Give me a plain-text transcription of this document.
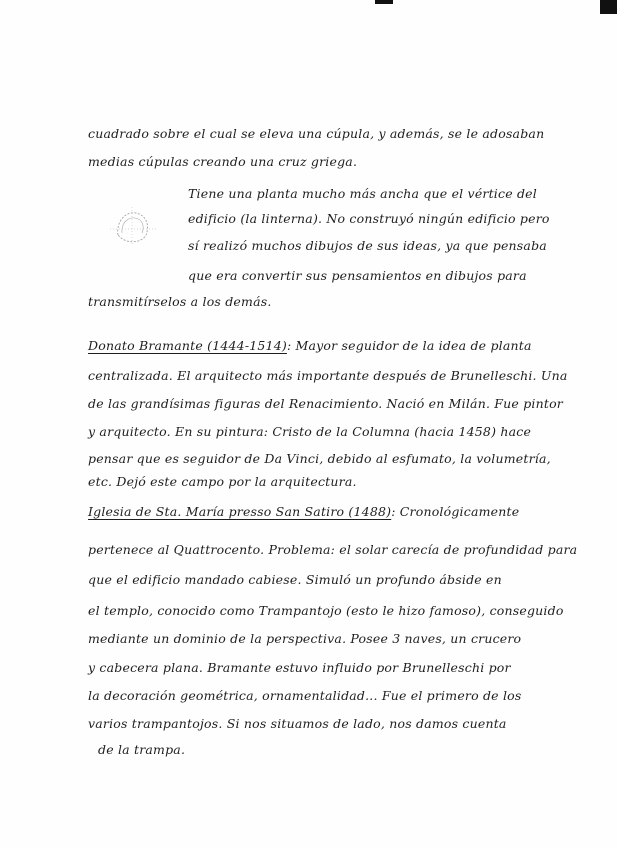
cuadrado sobre el cual se eleva una cúpula, y además, se le adosaban
medias cúpulas creando una cruz griega.
Tiene una planta mucho más ancha que el vértice del
edificio (la linterna). No construyó ningún edificio pero
sí realizó muchos dibujos de sus ideas, ya que pensaba
que era convertir sus pensamientos en dibujos para
transmitírselos a los demás.
Donato Bramante (1444-1514): Mayor seguidor de la idea de planta
centralizada. El arquitecto más importante después de Brunelleschi. Una
de las grandísimas figuras del Renacimiento. Nació en Milán. Fue pintor
y arquitecto. En su pintura: Cristo de la Columna (hacia 1458) hace
pensar que es seguidor de Da Vinci, debido al esfumato, la volumetría,
etc. Dejó este campo por la arquitectura.
Iglesia de Sta. María presso San Satiro (1488): Cronológicamente
pertenece al Quattrocento. Problema: el solar carecía de profundidad para
que el edificio mandado cabiese. Simuló un profundo ábside en
el templo, conocido como Trampantojo (esto le hizo famoso), conseguido
mediante un dominio de la perspectiva. Posee 3 naves, un crucero
y cabecera plana. Bramante estuvo influido por Brunelleschi por
la decoración geométrica, ornamentalidad... Fue el primero de los
varios trampantojos. Si nos situamos de lado, nos damos cuenta
de la trampa.
